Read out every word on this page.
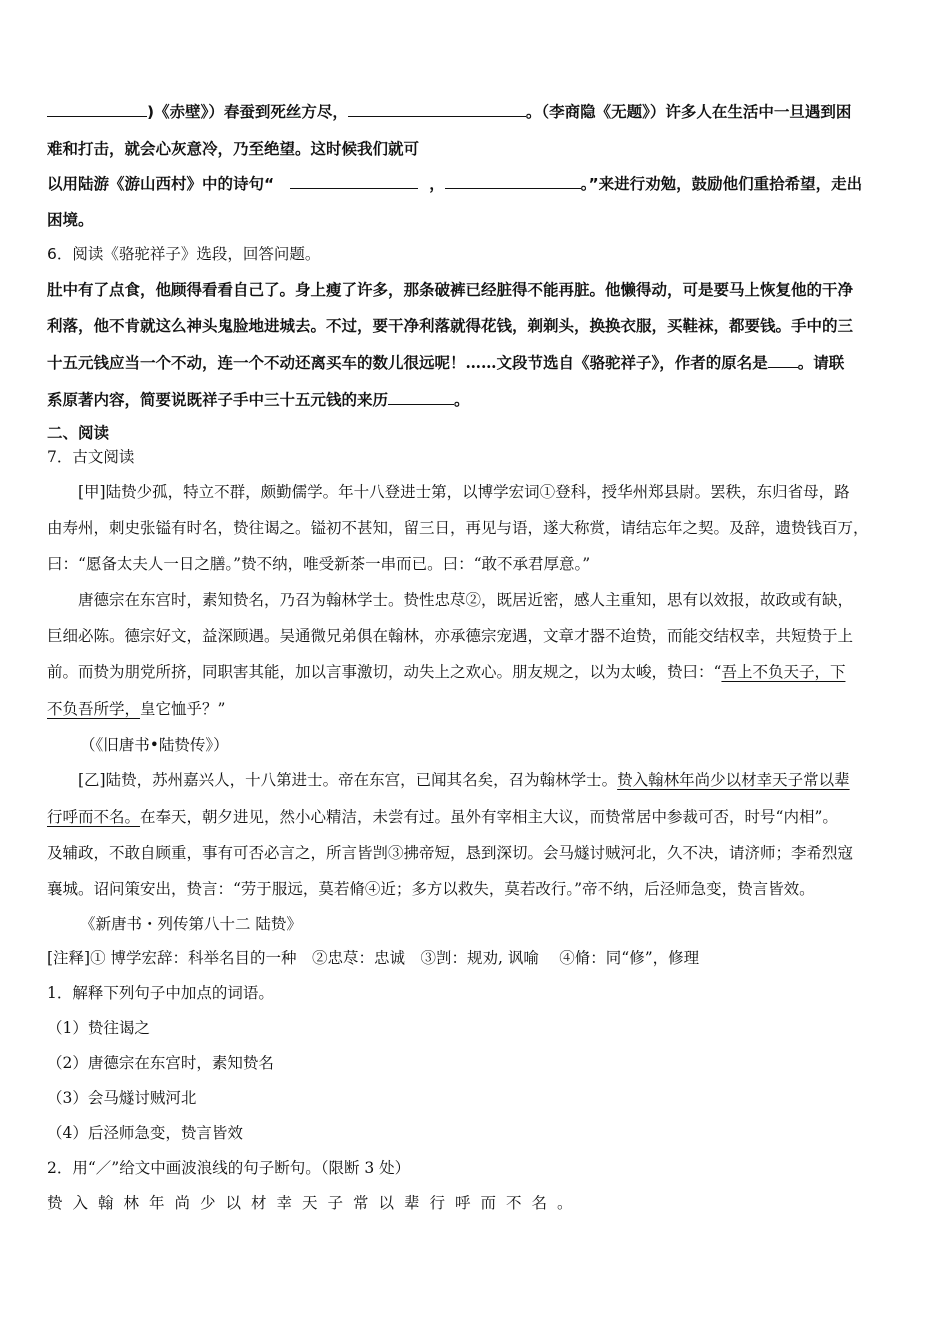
)《赤壁》）春蚕到死丝方尽，	。（李商隐《无题》）许多人在生活中一旦遇到困
难和打击，就会心灰意冷，乃至绝望。这时候我们就可
以用陆游《游山西村》中的诗句“	，	。”来进行劝勉，鼓励他们重拾希望，走出
困境。
6．阅读《骆驼祥子》选段，回答问题。
肚中有了点食，他顾得看看自己了。身上瘦了许多，那条破裤已经脏得不能再脏。他懒得动，可是要马上恢复他的干净
利落，他不肯就这么神头鬼脸地进城去。不过，要干净利落就得花钱，剃剃头，换换衣服，买鞋袜，都要钱。手中的三
十五元钱应当一个不动，连一个不动还离买车的数儿很远呢！……文段节选自《骆驼祥子》，作者的原名是 。请联
系原著内容，简要说既祥子手中三十五元钱的来历	。
二、阅读
7．古文阅读
[甲]陆贽少孤，特立不群，颇勤儒学。年十八登进士第，以博学宏词①登科，授华州郑县尉。罢秩，东归省母，路
由寿州，刺史张镒有时名，贽往谒之。镒初不甚知，留三日，再见与语，遂大称赏，请结忘年之契。及辞，遗贽钱百万，
曰：“愿备太夫人一日之膳。”贽不纳，唯受新茶一串而已。曰：“敢不承君厚意。”
唐德宗在东宫时，素知贽名，乃召为翰林学士。贽性忠荩②，既居近密，感人主重知，思有以效报，故政或有缺，
巨细必陈。德宗好文，益深顾遇。吴通微兄弟俱在翰林，亦承德宗宠遇，文章才器不迨贽，而能交结权幸，共短贽于上
前。而贽为朋党所挤，同职害其能，加以言事激切，动失上之欢心。朋友规之，以为太峻，贽曰：“吾上不负天子，下
不负吾所学，皇它恤乎？”
（《旧唐书•陆贽传》）
[乙]陆贽，苏州嘉兴人，十八第进士。帝在东宫，已闻其名矣，召为翰林学士。贽入翰林年尚少以材幸天子常以辈
行呼而不名。在奉天，朝夕进见，然小心精洁，未尝有过。虽外有宰相主大议，而贽常居中参裁可否，时号“内相”。
及辅政，不敢自顾重，事有可否必言之，所言皆剀③拂帝短，恳到深切。会马燧讨贼河北，久不决，请济师；李希烈寇
襄城。诏问策安出，贽言：“劳于服远，莫若脩④近；多方以救失，莫若改行。”帝不纳，后泾师急变，贽言皆效。
《新唐书・列传第八十二 陆贽》
[注释]① 博学宏辞：科举名目的一种　②忠荩：忠诚　③剀：规劝, 讽喻　 ④脩：同“修”，修理
1．解释下列句子中加点的词语。
（1）贽往谒之
（2）唐德宗在东宫时，素知贽名
（3）会马燧讨贼河北
（4）后泾师急变，贽言皆效
2．用“／”给文中画波浪线的句子断句。（限断 3 处）
贽入翰林年尚少以材幸天子常以辈行呼而不名。
